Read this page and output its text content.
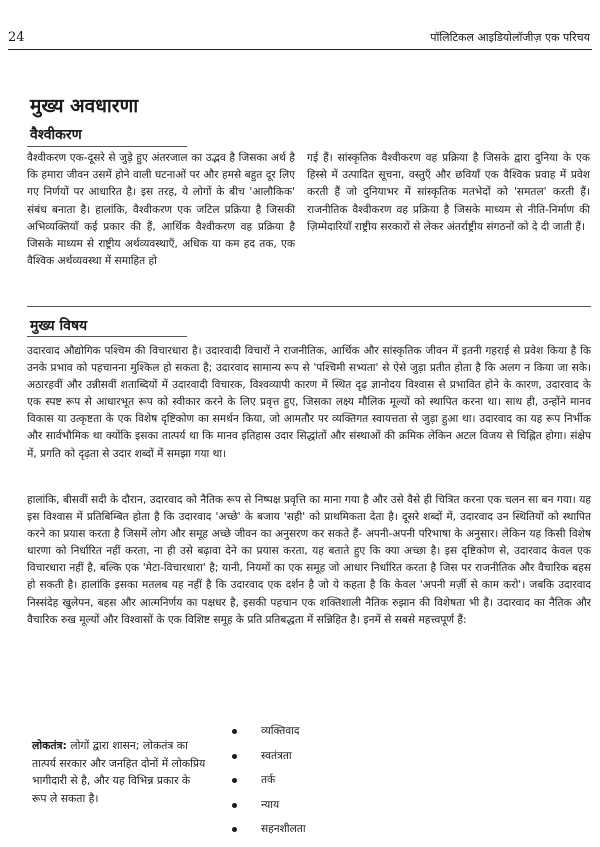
24	पॉलिटिकल आइडियोलॉजीज़ एक परिचय
मुख्य अवधारणा
वैश्वीकरण

वैश्वीकरण एक-दूसरे से जुड़े हुए अंतरजाल का उद्भव है जिसका अर्थ है कि हमारा जीवन उसमें होने वाली घटनाओं पर और हमसे बहुत दूर लिए गए निर्णयों पर आधारित है। इस तरह, ये लोगों के बीच 'आलौकिक' संबंध बनाता है। हालांकि, वैश्वीकरण एक जटिल प्रक्रिया है जिसकी अभिव्यक्तियाँ कई प्रकार की हैं, आर्थिक वैश्वीकरण वह प्रक्रिया है जिसके माध्यम से राष्ट्रीय अर्थव्यवस्थाएँ, अधिक या कम हद तक, एक वैश्विक अर्थव्यवस्था में समाहित हो

गई हैं। सांस्कृतिक वैश्वीकरण वह प्रक्रिया है जिसके द्वारा दुनिया के एक हिस्से में उत्पादित सूचना, वस्तुएँ और छवियाँ एक वैश्विक प्रवाह में प्रवेश करती हैं जो दुनियाभर में सांस्कृतिक मतभेदों को 'समतल' करती हैं। राजनीतिक वैश्वीकरण वह प्रक्रिया है जिसके माध्यम से नीति-निर्माण की ज़िम्मेदारियाँ राष्ट्रीय सरकारों से लेकर अंतर्राष्ट्रीय संगठनों को दे दी जाती हैं।

मुख्य विषय

उदारवाद औद्योगिक पश्चिम की विचारधारा है। उदारवादी विचारों ने राजनीतिक, आर्थिक और सांस्कृतिक जीवन में इतनी गहराई से प्रवेश किया है कि उनके प्रभाव को पहचानना मुश्किल हो सकता है; उदारवाद सामान्य रूप से 'पश्चिमी सभ्यता' से ऐसे जुड़ा प्रतीत होता है कि अलग न किया जा सके। अठारहवीं और उन्नीसवीं शताब्दियों में उदारवादी विचारक, विश्वव्यापी कारण में स्थित दृढ़ ज्ञानोदय विश्वास से प्रभावित होने के कारण, उदारवाद के एक स्पष्ट रूप से आधारभूत रूप को स्वीकार करने के लिए प्रवृत्त हुए, जिसका लक्ष्य मौलिक मूल्यों को स्थापित करना था। साथ ही, उन्होंने मानव विकास या उत्कृष्टता के एक विशेष दृष्टिकोण का समर्थन किया, जो आमतौर पर व्यक्तिगत स्वायत्तता से जुड़ा हुआ था। उदारवाद का यह रूप निर्भीक और सार्वभौमिक था क्योंकि इसका तात्पर्य था कि मानव इतिहास उदार सिद्धांतों और संस्थाओं की क्रमिक लेकिन अटल विजय से चिह्नित होगा। संक्षेप में, प्रगति को दृढ़ता से उदार शब्दों में समझा गया था।

हालांकि, बीसवीं सदी के दौरान, उदारवाद को नैतिक रूप से निष्पक्ष प्रवृत्ति का माना गया है और उसे वैसे ही चित्रित करना एक चलन सा बन गया। यह इस विश्वास में प्रतिबिम्बित होता है कि उदारवाद 'अच्छे' के बजाय 'सही' को प्राथमिकता देता है। दूसरे शब्दों में, उदारवाद उन स्थितियों को स्थापित करने का प्रयास करता है जिसमें लोग और समूह अच्छे जीवन का अनुसरण कर सकते हैं- अपनी-अपनी परिभाषा के अनुसार। लेकिन यह किसी विशेष धारणा को निर्धारित नहीं करता, ना ही उसे बढ़ावा देने का प्रयास करता, यह बताते हुए कि क्या अच्छा है। इस दृष्टिकोण से, उदारवाद केवल एक विचारधारा नहीं है, बल्कि एक 'मेटा-विचारधारा' है; यानी, नियमों का एक समूह जो आधार निर्धारित करता है जिस पर राजनीतिक और वैचारिक बहस हो सकती है। हालांकि इसका मतलब यह नहीं है कि उदारवाद एक दर्शन है जो ये कहता है कि केवल 'अपनी मर्ज़ी से काम करो'। जबकि उदारवाद निस्संदेह खुलेपन, बहस और आत्मनिर्णय का पक्षधर है, इसकी पहचान एक शक्तिशाली नैतिक रुझान की विशेषता भी है। उदारवाद का नैतिक और वैचारिक रुख मूल्यों और विश्वासों के एक विशिष्ट समूह के प्रति प्रतिबद्धता में सन्निहित है। इनमें से सबसे महत्त्वपूर्ण हैं:

लोकतंत्र: लोगों द्वारा शासन; लोकतंत्र का तात्पर्य सरकार और जनहित दोनों में लोकप्रिय भागीदारी से है, और यह विभिन्न प्रकार के रूप ले सकता है।

व्यक्तिवाद
स्वतंत्रता
तर्क
न्याय
सहनशीलता
